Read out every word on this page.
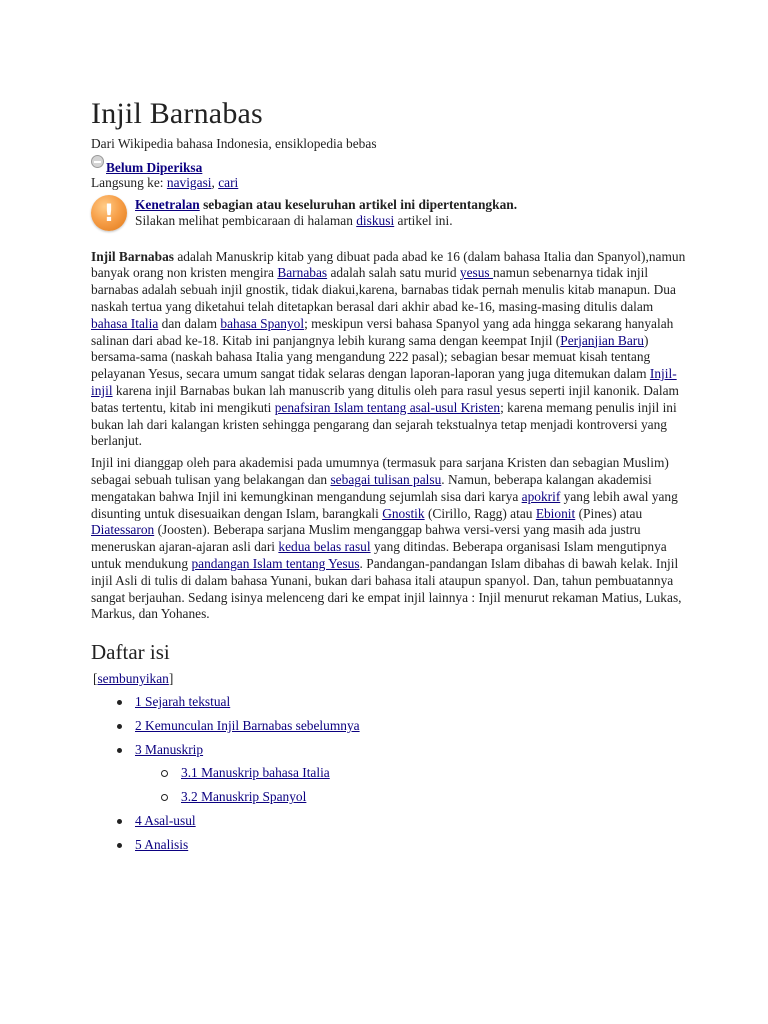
Injil Barnabas
Dari Wikipedia bahasa Indonesia, ensiklopedia bebas
Belum Diperiksa
Langsung ke: navigasi, cari
!	Kenetralan sebagian atau keseluruhan artikel ini dipertentangkan.
Silakan melihat pembicaraan di halaman diskusi artikel ini.

Injil Barnabas adalah Manuskrip kitab yang dibuat pada abad ke 16 (dalam bahasa Italia dan Spanyol),namun banyak orang non kristen mengira Barnabas adalah salah satu murid yesus namun sebenarnya tidak injil barnabas adalah sebuah injil gnostik, tidak diakui,karena, barnabas tidak pernah menulis kitab manapun. Dua naskah tertua yang diketahui telah ditetapkan berasal dari akhir abad ke-16, masing-masing ditulis dalam bahasa Italia dan dalam bahasa Spanyol; meskipun versi bahasa Spanyol yang ada hingga sekarang hanyalah salinan dari abad ke-18. Kitab ini panjangnya lebih kurang sama dengan keempat Injil (Perjanjian Baru) bersama-sama (naskah bahasa Italia yang mengandung 222 pasal); sebagian besar memuat kisah tentang pelayanan Yesus, secara umum sangat tidak selaras dengan laporan-laporan yang juga ditemukan dalam Injil-injil karena injil Barnabas bukan lah manuscrib yang ditulis oleh para rasul yesus seperti injil kanonik. Dalam batas tertentu, kitab ini mengikuti penafsiran Islam tentang asal-usul Kristen; karena memang penulis injil ini bukan lah dari kalangan kristen sehingga pengarang dan sejarah tekstualnya tetap menjadi kontroversi yang berlanjut.

Injil ini dianggap oleh para akademisi pada umumnya (termasuk para sarjana Kristen dan sebagian Muslim) sebagai sebuah tulisan yang belakangan dan sebagai tulisan palsu. Namun, beberapa kalangan akademisi mengatakan bahwa Injil ini kemungkinan mengandung sejumlah sisa dari karya apokrif yang lebih awal yang disunting untuk disesuaikan dengan Islam, barangkali Gnostik (Cirillo, Ragg) atau Ebionit (Pines) atau Diatessaron (Joosten). Beberapa sarjana Muslim menganggap bahwa versi-versi yang masih ada justru meneruskan ajaran-ajaran asli dari kedua belas rasul yang ditindas. Beberapa organisasi Islam mengutipnya untuk mendukung pandangan Islam tentang Yesus. Pandangan-pandangan Islam dibahas di bawah kelak. Injil injil Asli di tulis di dalam bahasa Yunani, bukan dari bahasa itali ataupun spanyol. Dan, tahun pembuatannya sangat berjauhan. Sedang isinya melenceng dari ke empat injil lainnya : Injil menurut rekaman Matius, Lukas, Markus, dan Yohanes.

Daftar isi
[sembunyikan]
1 Sejarah tekstual
2 Kemunculan Injil Barnabas sebelumnya
3 Manuskrip
3.1 Manuskrip bahasa Italia
3.2 Manuskrip Spanyol
4 Asal-usul
5 Analisis
